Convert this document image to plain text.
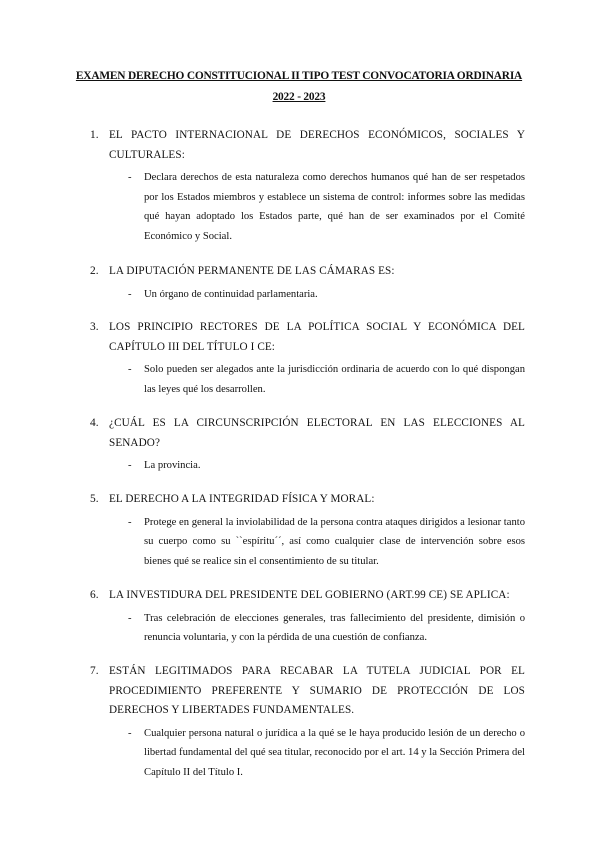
EXAMEN DERECHO CONSTITUCIONAL II TIPO TEST CONVOCATORIA ORDINARIA
2022 - 2023
1. EL PACTO INTERNACIONAL DE DERECHOS ECONÓMICOS, SOCIALES Y CULTURALES:
- Declara derechos de esta naturaleza como derechos humanos qué han de ser respetados por los Estados miembros y establece un sistema de control: informes sobre las medidas qué hayan adoptado los Estados parte, qué han de ser examinados por el Comité Económico y Social.
2. LA DIPUTACIÓN PERMANENTE DE LAS CÁMARAS ES:
- Un órgano de continuidad parlamentaria.
3. LOS PRINCIPIO RECTORES DE LA POLÍTICA SOCIAL Y ECONÓMICA DEL CAPÍTULO III DEL TÍTULO I CE:
- Solo pueden ser alegados ante la jurisdicción ordinaria de acuerdo con lo qué dispongan las leyes qué los desarrollen.
4. ¿CUÁL ES LA CIRCUNSCRIPCIÓN ELECTORAL EN LAS ELECCIONES AL SENADO?
- La provincia.
5. EL DERECHO A LA INTEGRIDAD FÍSICA Y MORAL:
- Protege en general la inviolabilidad de la persona contra ataques dirigidos a lesionar tanto su cuerpo como su ``espíritu´´, así como cualquier clase de intervención sobre esos bienes qué se realice sin el consentimiento de su titular.
6. LA INVESTIDURA DEL PRESIDENTE DEL GOBIERNO (ART.99 CE) SE APLICA:
- Tras celebración de elecciones generales, tras fallecimiento del presidente, dimisión o renuncia voluntaria, y con la pérdida de una cuestión de confianza.
7. ESTÁN LEGITIMADOS PARA RECABAR LA TUTELA JUDICIAL POR EL PROCEDIMIENTO PREFERENTE Y SUMARIO DE PROTECCIÓN DE LOS DERECHOS Y LIBERTADES FUNDAMENTALES.
- Cualquier persona natural o jurídica a la qué se le haya producido lesión de un derecho o libertad fundamental del qué sea titular, reconocido por el art. 14 y la Sección Primera del Capítulo II del Título I.
